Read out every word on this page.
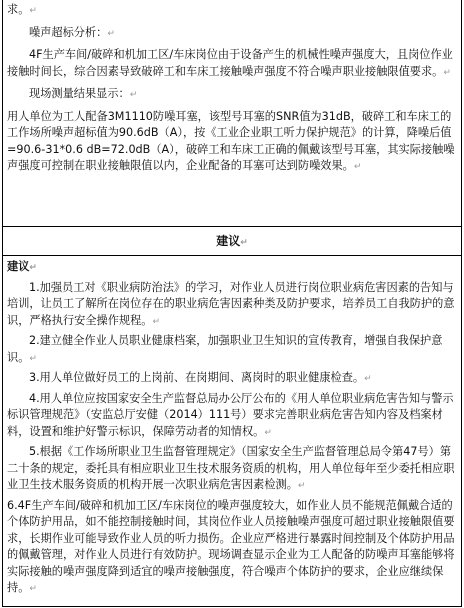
求。↵

噪声超标分析：↵

4F生产车间/破碎和机加工区/车床岗位由于设备产生的机械性噪声强度大，且岗位作业接触时间长，综合因素导致破碎工和车床工接触噪声强度不符合噪声职业接触限值要求。↵

现场测量结果显示：↵

用人单位为工人配备3M1110防噪耳塞，该型号耳塞的SNR值为31dB，破碎工和车床工的工作场所噪声超标值为90.6dB（A），按《工业企业职工听力保护规范》的计算，降噪后值=90.6-31*0.6 dB=72.0dB（A），破碎工和车床工正确的佩戴该型号耳塞，其实际接触噪声强度可控制在职业接触限值以内，企业配备的耳塞可达到防噪效果。↵

建议↵

建议↵

1.加强员工对《职业病防治法》的学习，对作业人员进行岗位职业病危害因素的告知与培训，让员工了解所在岗位存在的职业病危害因素种类及防护要求，培养员工自我防护的意识，严格执行安全操作规程。↵

2.建立健全作业人员职业健康档案，加强职业卫生知识的宣传教育，增强自我保护意识。↵

3.用人单位做好员工的上岗前、在岗期间、离岗时的职业健康检查。↵

4.用人单位应按国家安全生产监督总局办公厅公布的《用人单位职业病危害告知与警示标识管理规范》（安监总厅安健（2014）111号）要求完善职业病危害告知内容及档案材料，设置和维护好警示标识，保障劳动者的知情权。↵

5.根据《工作场所职业卫生监督管理规定》（国家安全生产监督管理总局令第47号）第二十条的规定，委托具有相应职业卫生技术服务资质的机构，用人单位每年至少委托相应职业卫生技术服务资质的机构开展一次职业病危害因素检测。↵

6.4F生产车间/破碎和机加工区/车床岗位的噪声强度较大，如作业人员不能规范佩戴合适的个体防护用品，如不能控制接触时间，其岗位作业人员接触噪声强度可超过职业接触限值要求，长期作业可能导致作业人员的听力损伤。企业应严格进行暴露时间控制及个体防护用品的佩戴管理，对作业人员进行有效防护。现场调查显示企业为工人配备的防噪声耳塞能够将实际接触的噪声强度降到适宜的噪声接触强度，符合噪声个体防护的要求，企业应继续保持。↵
